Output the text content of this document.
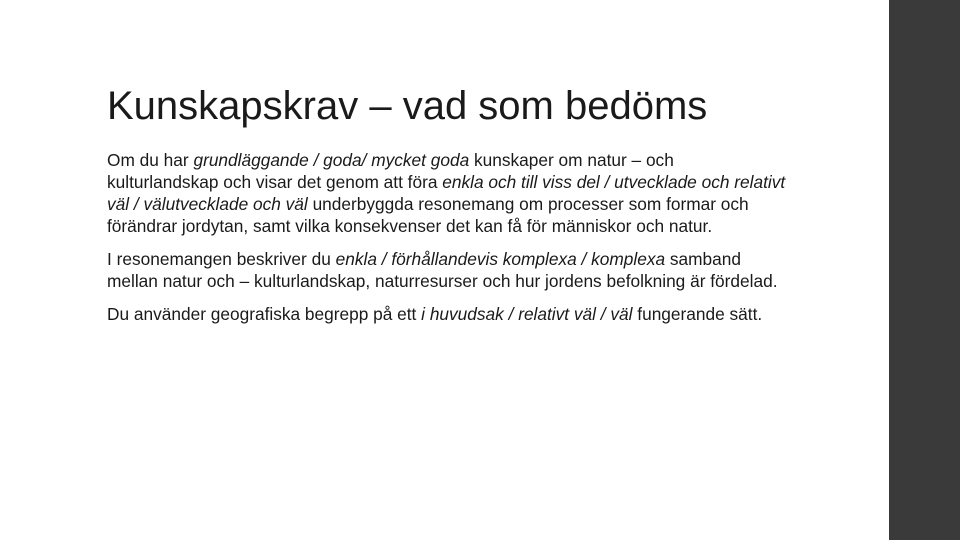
Kunskapskrav – vad som bedöms

Om du har grundläggande / goda/ mycket goda kunskaper om natur – och kulturlandskap och visar det genom att föra enkla och till viss del / utvecklade och relativt väl / välutvecklade och väl underbyggda resonemang om processer som formar och förändrar jordytan, samt vilka konsekvenser det kan få för människor och natur.

I resonemangen beskriver du enkla / förhållandevis komplexa / komplexa samband mellan natur och – kulturlandskap, naturresurser och hur jordens befolkning är fördelad.

Du använder geografiska begrepp på ett i huvudsak / relativt väl / väl fungerande sätt.
